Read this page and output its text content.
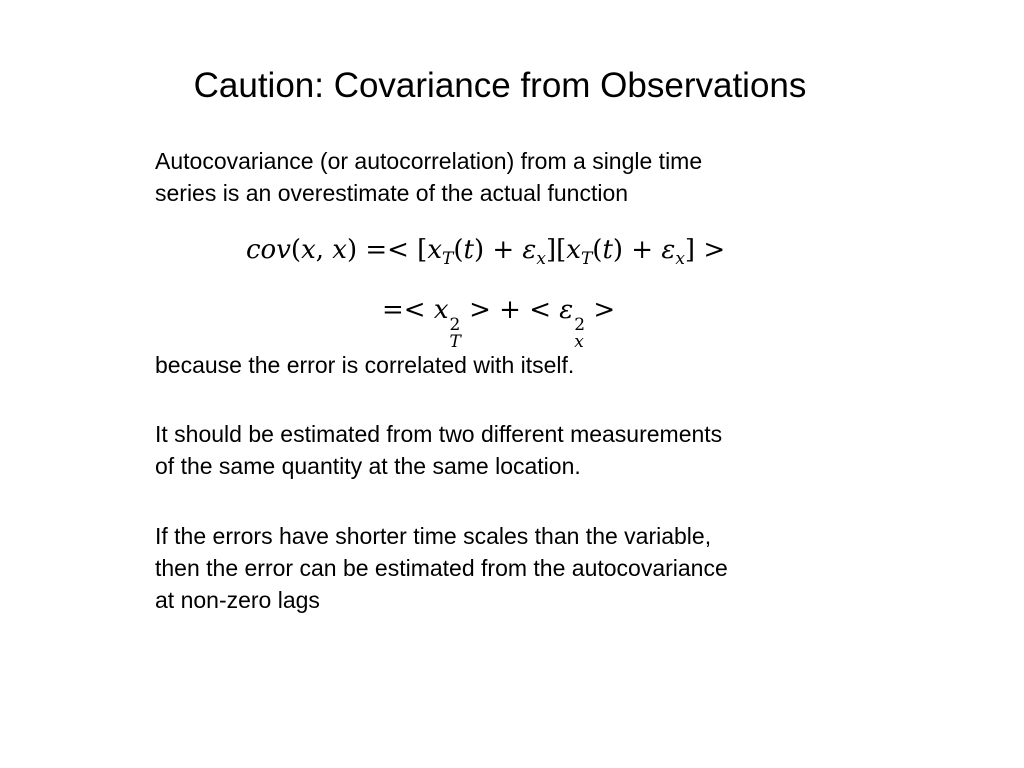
Caution: Covariance from Observations

Autocovariance (or autocorrelation) from a single time
series is an overestimate of the actual function

cov(x, $x) =< [x_T(t) + \varepsilon_x][x_T(t) + \varepsilon_x]$ >
=< x 2
T
> + < ε 2
x
>

because the error is correlated with itself.

It should be estimated from two different measurements
of the same quantity at the same location.

If the errors have shorter time scales than the variable,
then the error can be estimated from the autocovariance
at non-zero lags
